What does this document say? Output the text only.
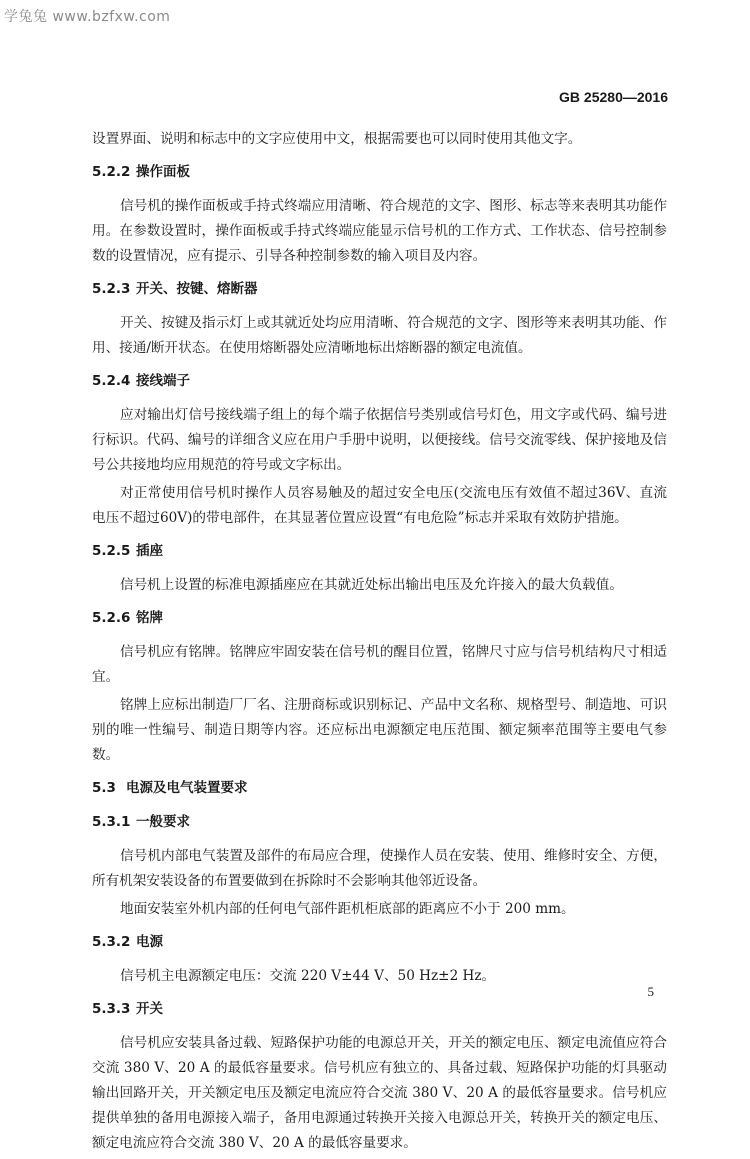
学兔兔 www.bzfxw.com
GB 25280—2016

设置界面、说明和标志中的文字应使用中文，根据需要也可以同时使用其他文字。

5.2.2 操作面板

信号机的操作面板或手持式终端应用清晰、符合规范的文字、图形、标志等来表明其功能作用。在参数设置时，操作面板或手持式终端应能显示信号机的工作方式、工作状态、信号控制参数的设置情况，应有提示、引导各种控制参数的输入项目及内容。

5.2.3 开关、按键、熔断器

开关、按键及指示灯上或其就近处均应用清晰、符合规范的文字、图形等来表明其功能、作用、接通/断开状态。在使用熔断器处应清晰地标出熔断器的额定电流值。

5.2.4 接线端子

应对输出灯信号接线端子组上的每个端子依据信号类别或信号灯色，用文字或代码、编号进行标识。代码、编号的详细含义应在用户手册中说明，以便接线。信号交流零线、保护接地及信号公共接地均应用规范的符号或文字标出。

对正常使用信号机时操作人员容易触及的超过安全电压(交流电压有效值不超过36V、直流电压不超过60V)的带电部件，在其显著位置应设置“有电危险”标志并采取有效防护措施。

5.2.5 插座

信号机上设置的标准电源插座应在其就近处标出输出电压及允许接入的最大负载值。

5.2.6 铭牌

信号机应有铭牌。铭牌应牢固安装在信号机的醒目位置，铭牌尺寸应与信号机结构尺寸相适宜。

铭牌上应标出制造厂厂名、注册商标或识别标记、产品中文名称、规格型号、制造地、可识别的唯一性编号、制造日期等内容。还应标出电源额定电压范围、额定频率范围等主要电气参数。

5.3 电源及电气装置要求
5.3.1 一般要求

信号机内部电气装置及部件的布局应合理，使操作人员在安装、使用、维修时安全、方便，所有机架安装设备的布置要做到在拆除时不会影响其他邻近设备。

地面安装室外机内部的任何电气部件距机柜底部的距离应不小于 200 mm。

5.3.2 电源

信号机主电源额定电压：交流 220 V±44 V、50 Hz±2 Hz。

5.3.3 开关

信号机应安装具备过载、短路保护功能的电源总开关，开关的额定电压、额定电流值应符合交流 380 V、20 A 的最低容量要求。信号机应有独立的、具备过载、短路保护功能的灯具驱动输出回路开关，开关额定电压及额定电流应符合交流 380 V、20 A 的最低容量要求。信号机应提供单独的备用电源接入端子，备用电源通过转换开关接入电源总开关，转换开关的额定电压、额定电流应符合交流 380 V、20 A 的最低容量要求。

5
